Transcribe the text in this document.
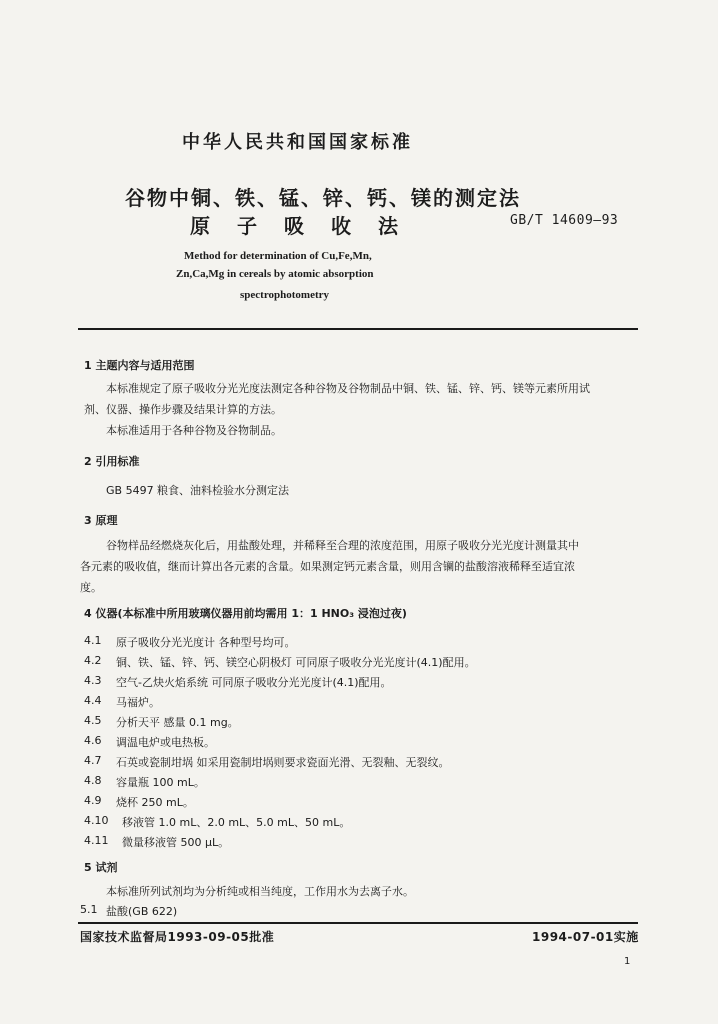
中华人民共和国国家标准
谷物中铜、铁、锰、锌、钙、镁的测定法
原子吸收法	GB/T 14609—93
Method for determination of Cu,Fe,Mn,
Zn,Ca,Mg in cereals by atomic absorption
spectrophotometry
1 主题内容与适用范围
本标准规定了原子吸收分光光度法测定各种谷物及谷物制品中铜、铁、锰、锌、钙、镁等元素所用试
剂、仪器、操作步骤及结果计算的方法。
本标准适用于各种谷物及谷物制品。
2 引用标准
GB 5497 粮食、油料检验水分测定法
3 原理
谷物样品经燃烧灰化后，用盐酸处理，并稀释至合理的浓度范围，用原子吸收分光光度计测量其中
各元素的吸收值，继而计算出各元素的含量。如果测定钙元素含量，则用含镧的盐酸溶液稀释至适宜浓
度。
4 仪器(本标准中所用玻璃仪器用前均需用 1：1 HNO₃ 浸泡过夜)
4.1 原子吸收分光光度计 各种型号均可。
4.2 铜、铁、锰、锌、钙、镁空心阴极灯 可同原子吸收分光光度计(4.1)配用。
4.3 空气-乙炔火焰系统 可同原子吸收分光光度计(4.1)配用。
4.4 马福炉。
4.5 分析天平 感量 0.1 mg。
4.6 调温电炉或电热板。
4.7 石英或瓷制坩埚 如采用瓷制坩埚则要求瓷面光滑、无裂釉、无裂纹。
4.8 容量瓶 100 mL。
4.9 烧杯 250 mL。
4.10 移液管 1.0 mL、2.0 mL、5.0 mL、50 mL。
4.11 微量移液管 500 μL。
5 试剂
本标准所列试剂均为分析纯或相当纯度，工作用水为去离子水。
5.1 盐酸(GB 622)
国家技术监督局1993-09-05批准	1994-07-01实施
1
